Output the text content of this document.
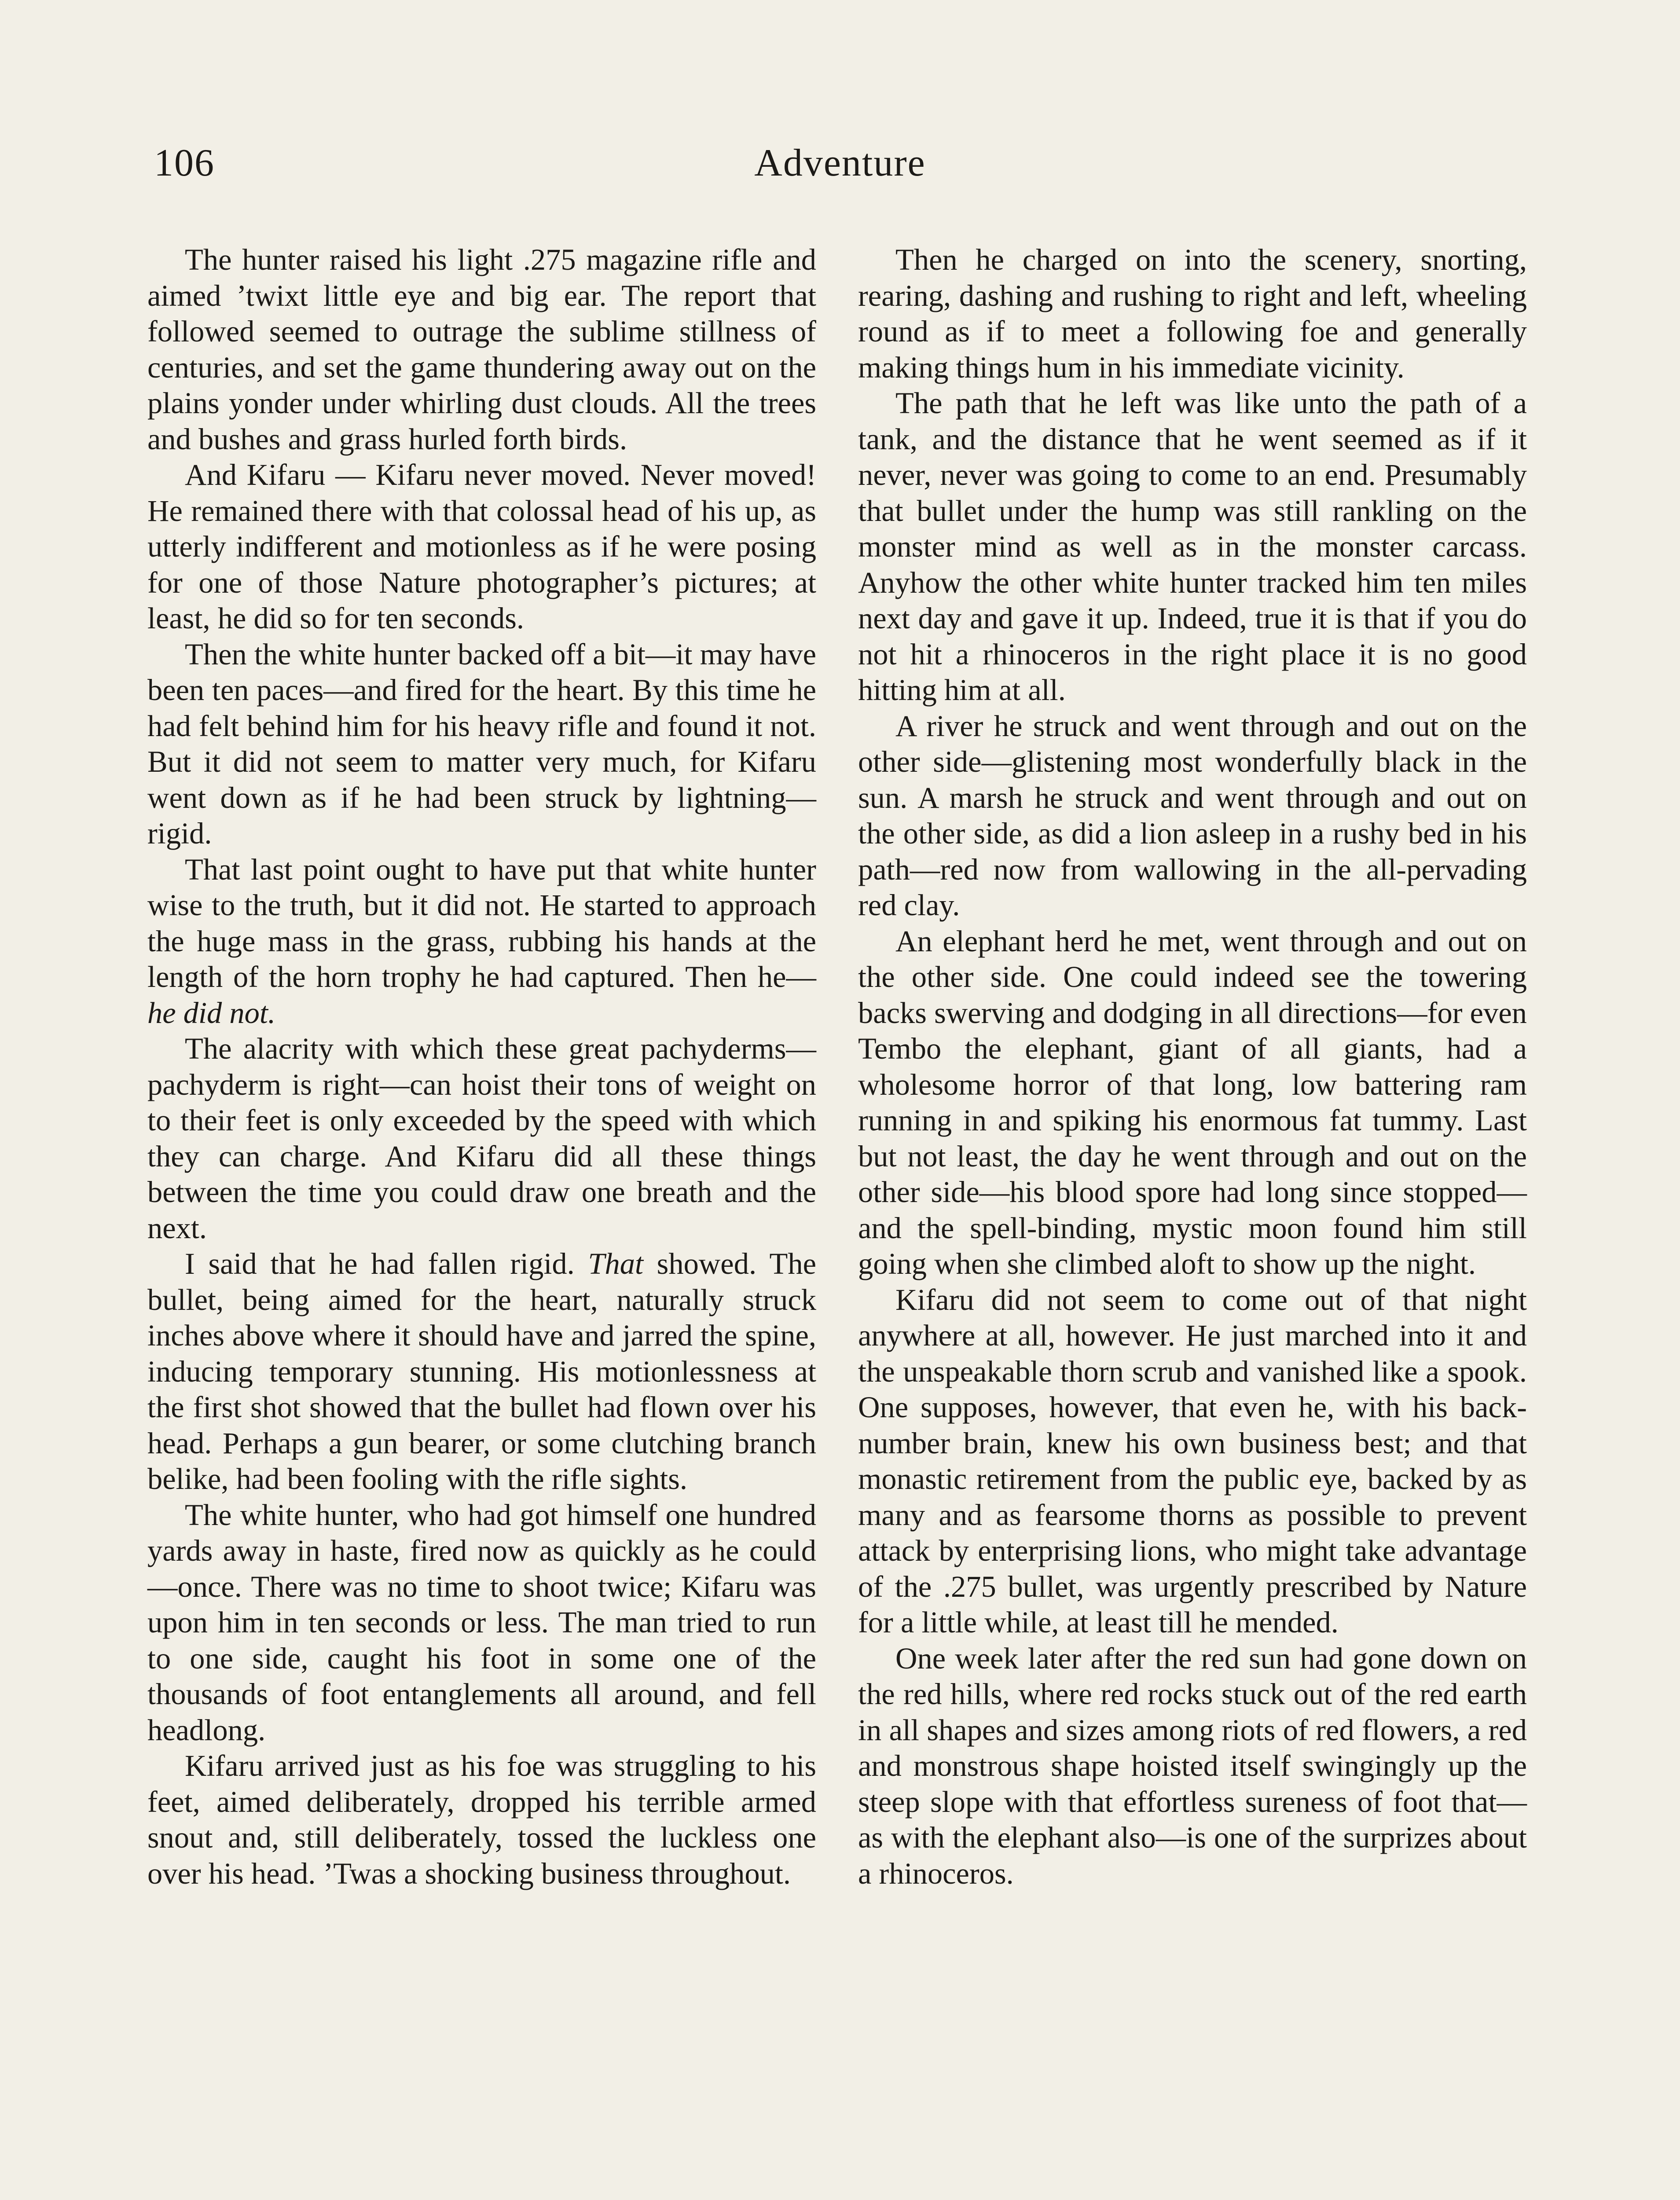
106	Adventure

The hunter raised his light .275 magazine rifle and aimed ’twixt little eye and big ear. The report that followed seemed to outrage the sublime stillness of centuries, and set the game thundering away out on the plains yonder under whirling dust clouds. All the trees and bushes and grass hurled forth birds.

And Kifaru — Kifaru never moved. Never moved! He remained there with that colossal head of his up, as utterly indifferent and motionless as if he were posing for one of those Nature photographer’s pictures; at least, he did so for ten seconds.

Then the white hunter backed off a bit—it may have been ten paces—and fired for the heart. By this time he had felt behind him for his heavy rifle and found it not. But it did not seem to matter very much, for Kifaru went down as if he had been struck by lightning—rigid.

That last point ought to have put that white hunter wise to the truth, but it did not. He started to approach the huge mass in the grass, rubbing his hands at the length of the horn trophy he had captured. Then he—he did not.

The alacrity with which these great pachyderms—pachyderm is right—can hoist their tons of weight on to their feet is only exceeded by the speed with which they can charge. And Kifaru did all these things between the time you could draw one breath and the next.

I said that he had fallen rigid. That showed. The bullet, being aimed for the heart, naturally struck inches above where it should have and jarred the spine, inducing temporary stunning. His motionlessness at the first shot showed that the bullet had flown over his head. Perhaps a gun bearer, or some clutching branch belike, had been fooling with the rifle sights.

The white hunter, who had got himself one hundred yards away in haste, fired now as quickly as he could—once. There was no time to shoot twice; Kifaru was upon him in ten seconds or less. The man tried to run to one side, caught his foot in some one of the thousands of foot entanglements all around, and fell headlong.

Kifaru arrived just as his foe was struggling to his feet, aimed deliberately, dropped his terrible armed snout and, still deliberately, tossed the luckless one over his head. ’Twas a shocking business throughout.

Then he charged on into the scenery, snorting, rearing, dashing and rushing to right and left, wheeling round as if to meet a following foe and generally making things hum in his immediate vicinity.

The path that he left was like unto the path of a tank, and the distance that he went seemed as if it never, never was going to come to an end. Presumably that bullet under the hump was still rankling on the monster mind as well as in the monster carcass. Anyhow the other white hunter tracked him ten miles next day and gave it up. Indeed, true it is that if you do not hit a rhinoceros in the right place it is no good hitting him at all.

A river he struck and went through and out on the other side—glistening most wonderfully black in the sun. A marsh he struck and went through and out on the other side, as did a lion asleep in a rushy bed in his path—red now from wallowing in the all-pervading red clay.

An elephant herd he met, went through and out on the other side. One could indeed see the towering backs swerving and dodging in all directions—for even Tembo the elephant, giant of all giants, had a wholesome horror of that long, low battering ram running in and spiking his enormous fat tummy. Last but not least, the day he went through and out on the other side—his blood spore had long since stopped—and the spell-binding, mystic moon found him still going when she climbed aloft to show up the night.

Kifaru did not seem to come out of that night anywhere at all, however. He just marched into it and the unspeakable thorn scrub and vanished like a spook. One supposes, however, that even he, with his back-number brain, knew his own business best; and that monastic retirement from the public eye, backed by as many and as fearsome thorns as possible to prevent attack by enterprising lions, who might take advantage of the .275 bullet, was urgently prescribed by Nature for a little while, at least till he mended.

One week later after the red sun had gone down on the red hills, where red rocks stuck out of the red earth in all shapes and sizes among riots of red flowers, a red and monstrous shape hoisted itself swingingly up the steep slope with that effortless sureness of foot that—as with the elephant also—is one of the surprizes about a rhinoceros.
